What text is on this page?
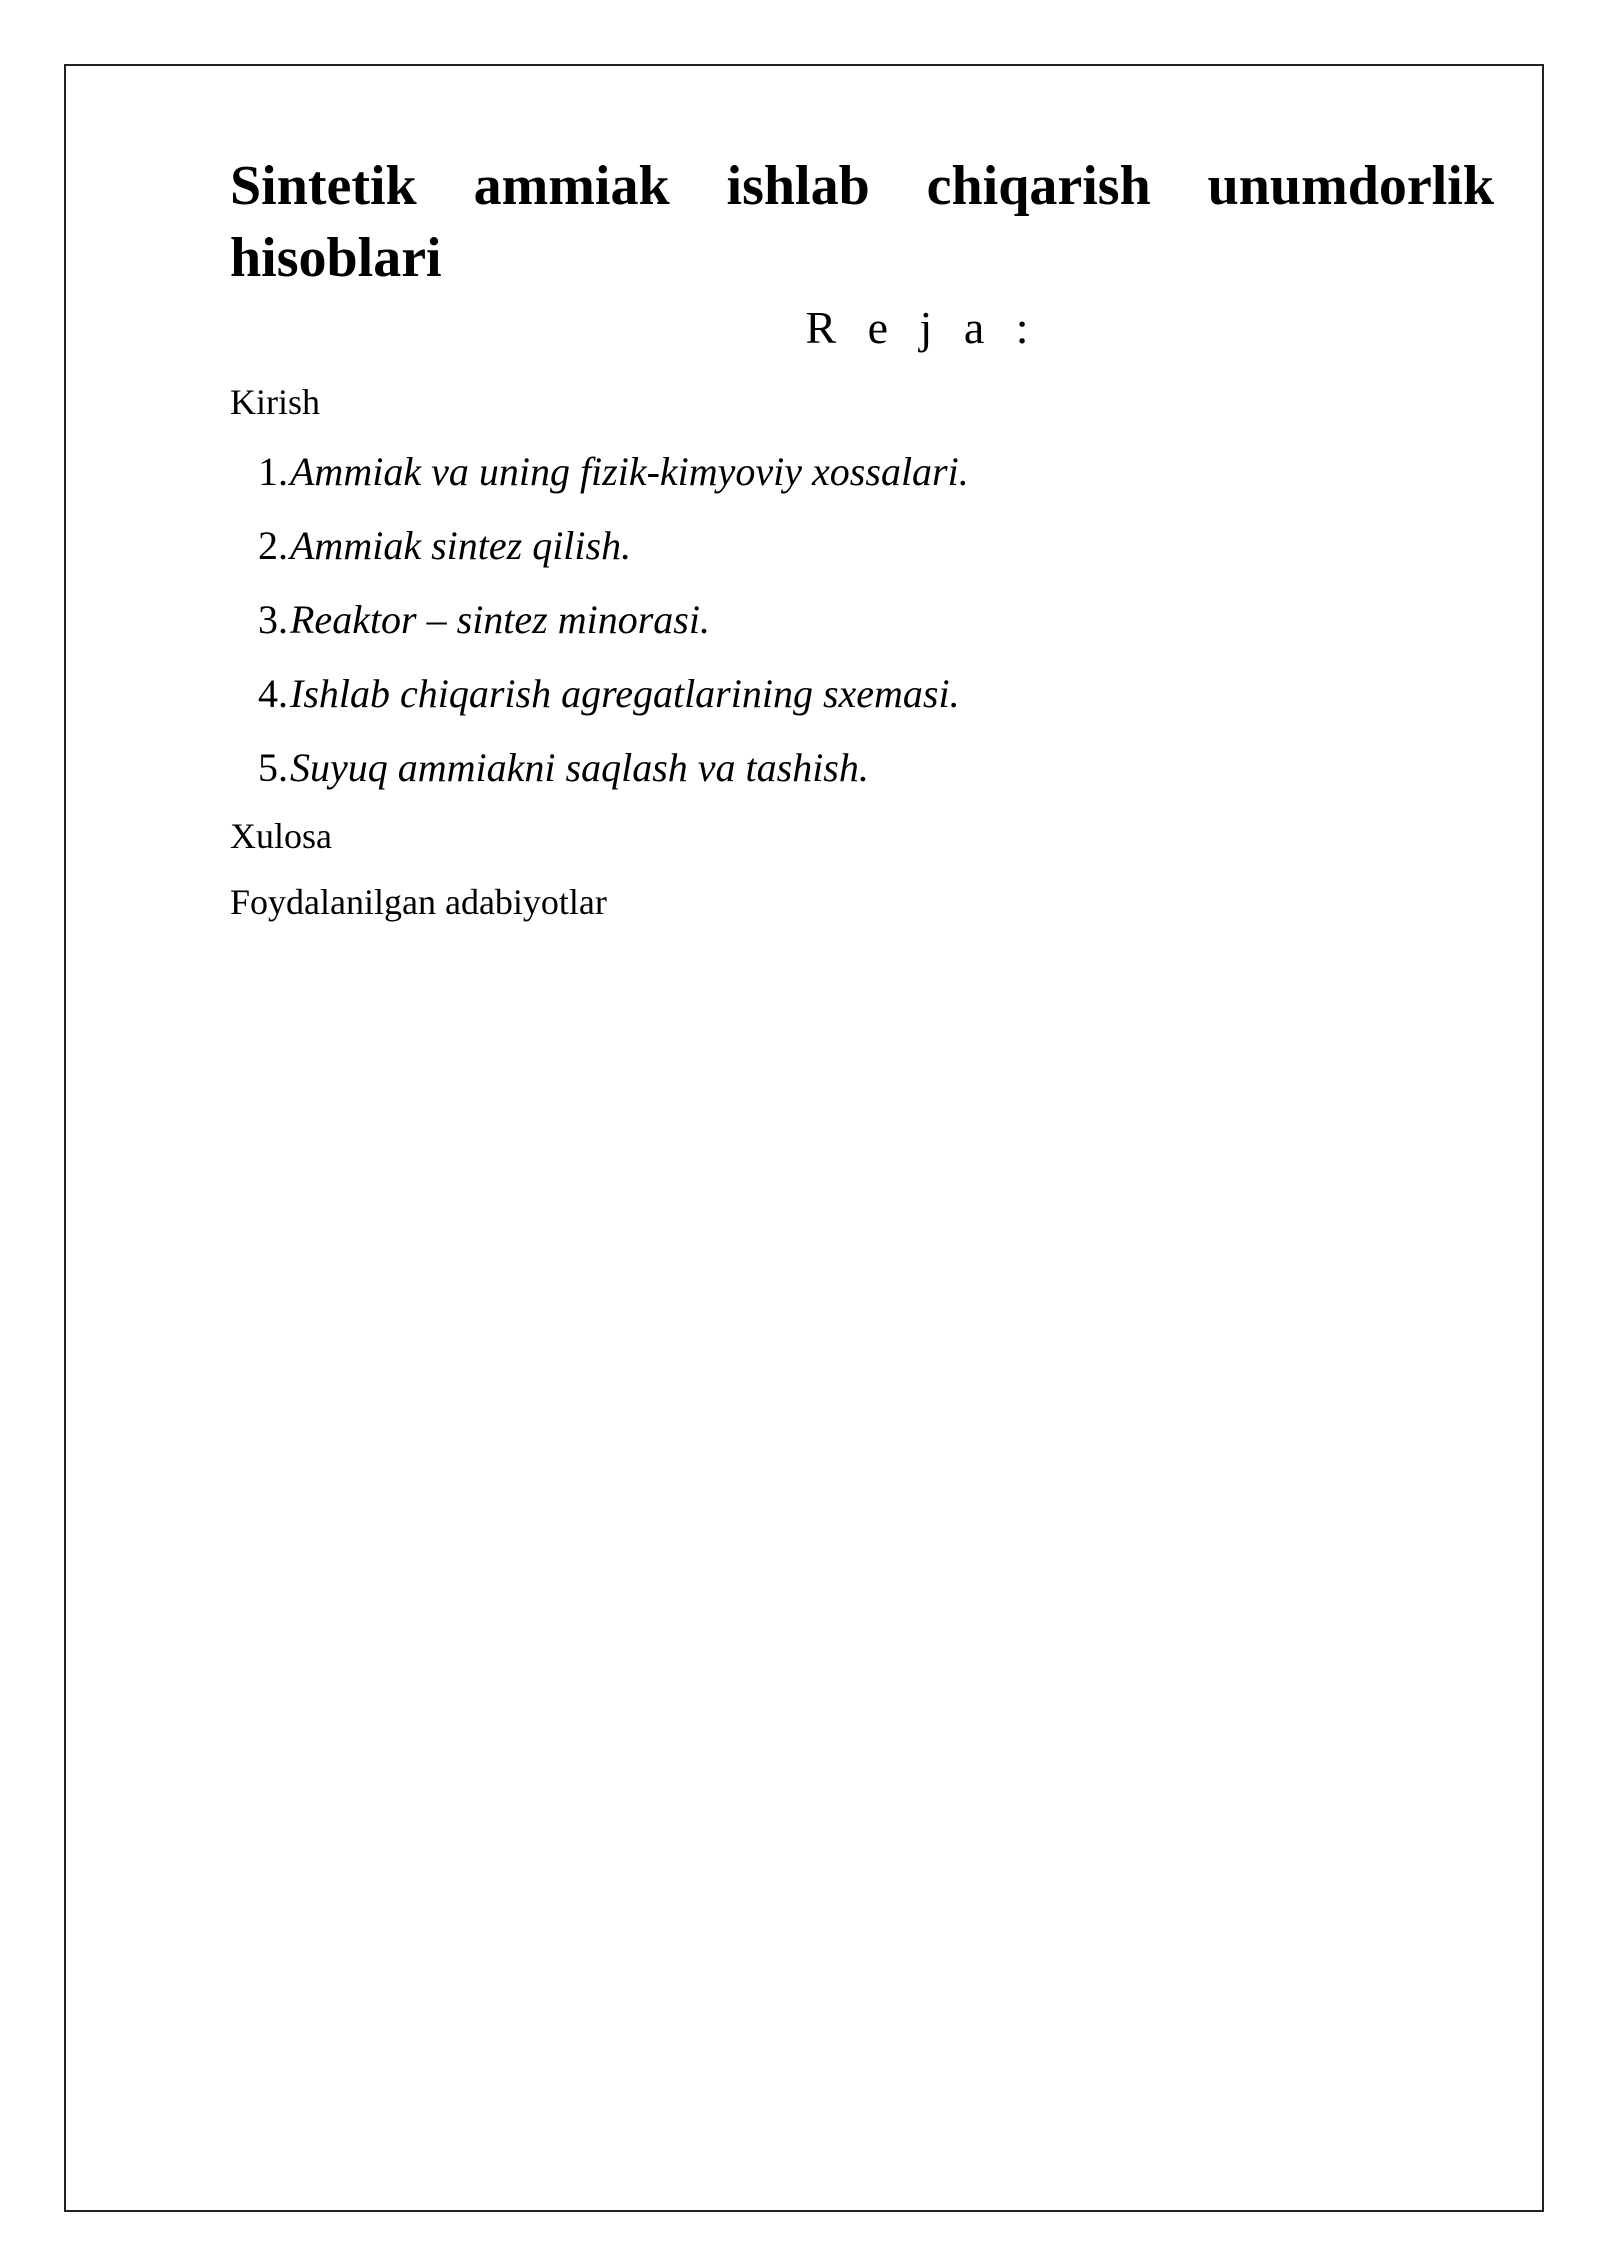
Sintetik ammiak ishlab chiqarish unumdorlik hisoblari

R e j a :

Kirish

1. Ammiak va uning fizik-kimyoviy xossalari.
2. Ammiak sintez qilish.
3. Reaktor – sintez minorasi.
4. Ishlab chiqarish agregatlarining sxemasi.
5. Suyuq ammiakni saqlash va tashish.

Xulosa

Foydalanilgan adabiyotlar
